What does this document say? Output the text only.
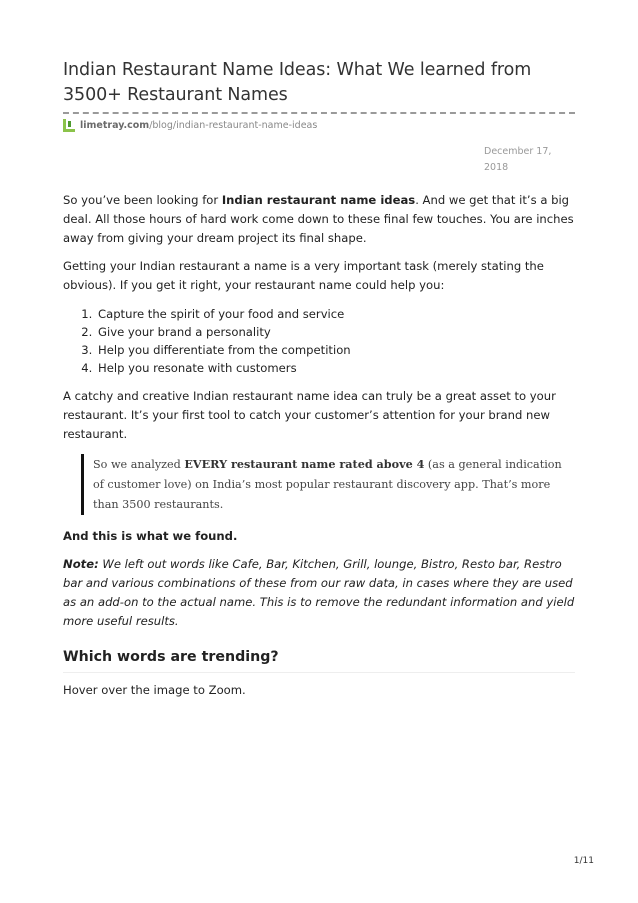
Indian Restaurant Name Ideas: What We learned from 3500+ Restaurant Names
limetray.com/blog/indian-restaurant-name-ideas
December 17, 2018

So you’ve been looking for Indian restaurant name ideas. And we get that it’s a big deal. All those hours of hard work come down to these final few touches. You are inches away from giving your dream project its final shape.

Getting your Indian restaurant a name is a very important task (merely stating the obvious). If you get it right, your restaurant name could help you:

1. Capture the spirit of your food and service
2. Give your brand a personality
3. Help you differentiate from the competition
4. Help you resonate with customers

A catchy and creative Indian restaurant name idea can truly be a great asset to your restaurant. It’s your first tool to catch your customer’s attention for your brand new restaurant.

So we analyzed EVERY restaurant name rated above 4 (as a general indication of customer love) on India’s most popular restaurant discovery app. That’s more than 3500 restaurants.

And this is what we found.

Note: We left out words like Cafe, Bar, Kitchen, Grill, lounge, Bistro, Resto bar, Restro bar and various combinations of these from our raw data, in cases where they are used as an add-on to the actual name. This is to remove the redundant information and yield more useful results.

Which words are trending?

Hover over the image to Zoom.

1/11
